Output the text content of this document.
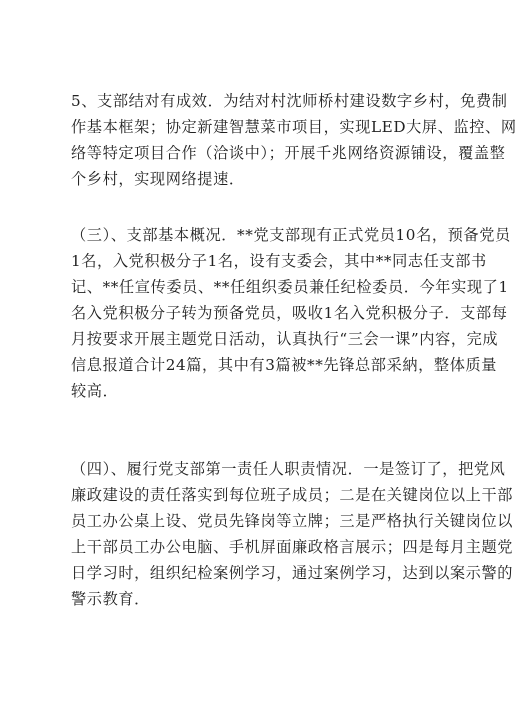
5、支部结对有成效．为结对村沈师桥村建设数字乡村，免费制
作基本框架；协定新建智慧菜市项目，实现LED大屏、监控、网
络等特定项目合作（洽谈中）；开展千兆网络资源铺设，覆盖整
个乡村，实现网络提速．

（三）、支部基本概况．**党支部现有正式党员10名，预备党员
1名，入党积极分子1名，设有支委会，其中**同志任支部书
记、**任宣传委员、**任组织委员兼任纪检委员．今年实现了1
名入党积极分子转为预备党员，吸收1名入党积极分子．支部每
月按要求开展主题党日活动，认真执行“三会一课”内容，完成
信息报道合计24篇，其中有3篇被**先锋总部采納，整体质量
较高．

（四）、履行党支部第一责任人职责情况．一是签订了，把党风
廉政建设的责任落实到每位班子成员；二是在关键岗位以上干部
员工办公桌上设、党员先锋岗等立牌；三是严格执行关键岗位以
上干部员工办公电脑、手机屏面廉政格言展示；四是每月主题党
日学习时，组织纪检案例学习，通过案例学习，达到以案示警的
警示教育．
